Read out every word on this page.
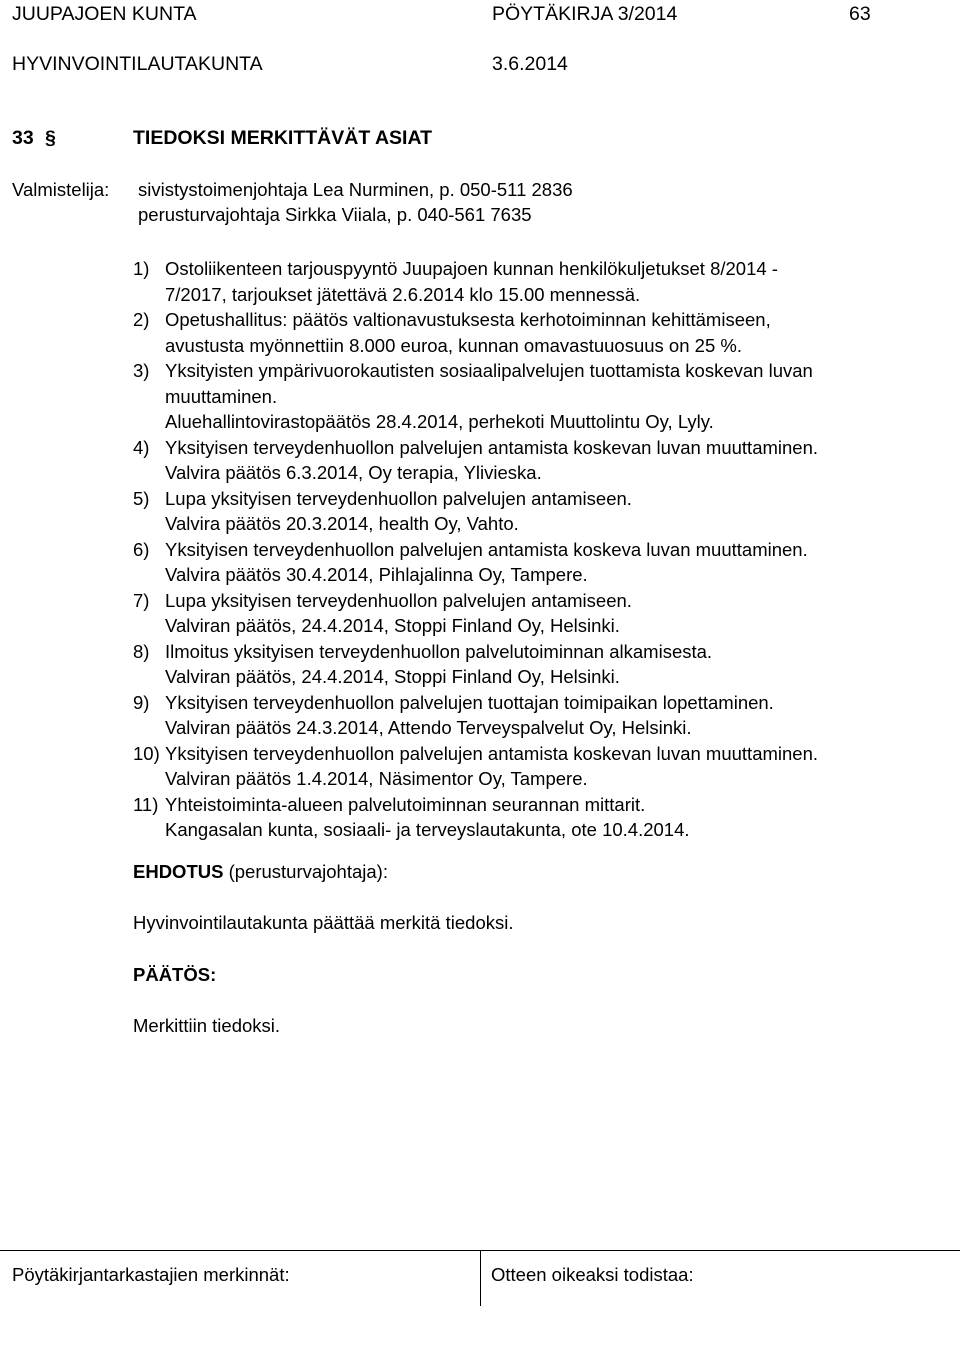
JUUPAJOEN KUNTA	PÖYTÄKIRJA 3/2014	63
HYVINVOINTILAUTAKUNTA	3.6.2014
33 §	TIEDOKSI MERKITTÄVÄT ASIAT
Valmistelija: sivistystoimenjohtaja Lea Nurminen, p. 050-511 2836
perusturvajohtaja Sirkka Viiala, p. 040-561 7635
1) Ostoliikenteen tarjouspyyntö Juupajoen kunnan henkilökuljetukset 8/2014 -
7/2017, tarjoukset jätettävä 2.6.2014 klo 15.00 mennessä.
2) Opetushallitus: päätös valtionavustuksesta kerhotoiminnan kehittämiseen,
avustusta myönnettiin 8.000 euroa, kunnan omavastuuosuus on 25 %.
3) Yksityisten ympärivuorokautisten sosiaalipalvelujen tuottamista koskevan luvan
muuttaminen.
Aluehallintovirastopäätös 28.4.2014, perhekoti Muuttolintu Oy, Lyly.
4) Yksityisen terveydenhuollon palvelujen antamista koskevan luvan muuttaminen.
Valvira päätös 6.3.2014, Oy terapia, Ylivieska.
5) Lupa yksityisen terveydenhuollon palvelujen antamiseen.
Valvira päätös 20.3.2014, health Oy, Vahto.
6) Yksityisen terveydenhuollon palvelujen antamista koskeva luvan muuttaminen.
Valvira päätös 30.4.2014, Pihlajalinna Oy, Tampere.
7) Lupa yksityisen terveydenhuollon palvelujen antamiseen.
Valviran päätös, 24.4.2014, Stoppi Finland Oy, Helsinki.
8) Ilmoitus yksityisen terveydenhuollon palvelutoiminnan alkamisesta.
Valviran päätös, 24.4.2014, Stoppi Finland Oy, Helsinki.
9) Yksityisen terveydenhuollon palvelujen tuottajan toimipaikan lopettaminen.
Valviran päätös 24.3.2014, Attendo Terveyspalvelut Oy, Helsinki.
10) Yksityisen terveydenhuollon palvelujen antamista koskevan luvan muuttaminen.
Valviran päätös 1.4.2014, Näsimentor Oy, Tampere.
11) Yhteistoiminta-alueen palvelutoiminnan seurannan mittarit.
Kangasalan kunta, sosiaali- ja terveyslautakunta, ote 10.4.2014.
EHDOTUS (perusturvajohtaja):
Hyvinvointilautakunta päättää merkitä tiedoksi.
PÄÄTÖS:
Merkittiin tiedoksi.
Pöytäkirjantarkastajien merkinnät:	Otteen oikeaksi todistaa:
